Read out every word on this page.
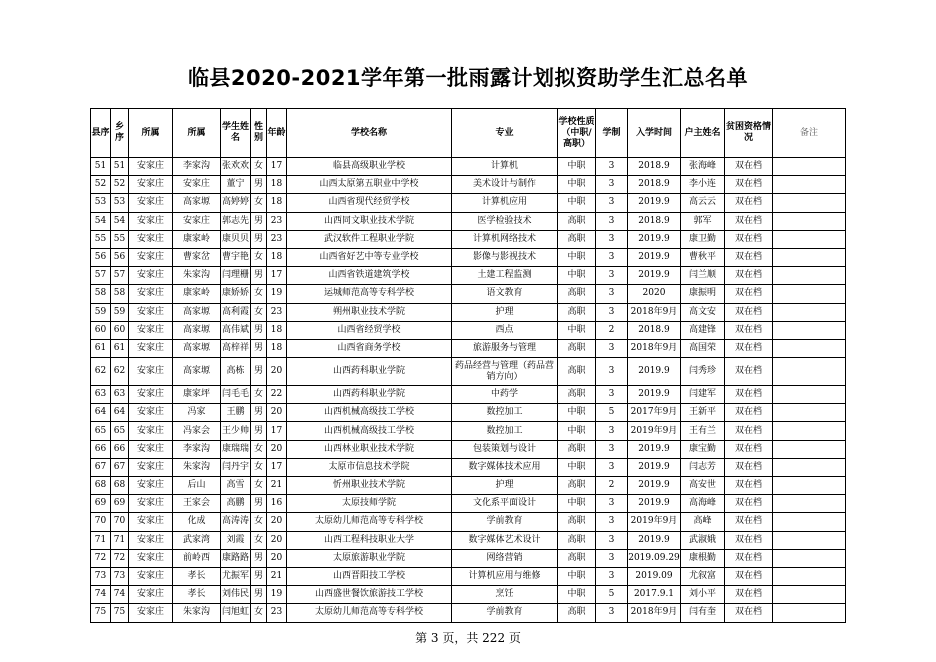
临县2020-2021学年第一批雨露计划拟资助学生汇总名单
县序	乡序	所属	所属	学生姓名	性别	年龄	学校名称	专业	学校性质（中职/高职）	学制	入学时间	户主姓名	贫困资格情况	备注
51	51	安家庄	李家沟	张欢欢	女	17	临县高级职业学校	计算机	中职	3	2018.9	张海峰	双在档	
52	52	安家庄	安家庄	董宁	男	18	山西太原第五职业中学校	美术设计与制作	中职	3	2018.9	李小连	双在档	
53	53	安家庄	高家塬	高婷婷	女	18	山西省现代经贸学校	计算机应用	中职	3	2019.9	高云云	双在档	
54	54	安家庄	安家庄	郭志先	男	23	山西同文职业技术学院	医学检验技术	高职	3	2018.9	郭军	双在档	
55	55	安家庄	康家岭	康贝贝	男	23	武汉软件工程职业学院	计算机网络技术	高职	3	2019.9	康卫勤	双在档	
56	56	安家庄	曹家岔	曹宇艳	女	18	山西省好艺中等专业学校	影像与影视技术	中职	3	2019.9	曹秋平	双在档	
57	57	安家庄	朱家沟	闫理栅	男	17	山西省铁道建筑学校	土建工程监测	中职	3	2019.9	闫兰顺	双在档	
58	58	安家庄	康家岭	康娇娇	女	19	运城师范高等专科学校	语文教育	高职	3	2020	康振明	双在档	
59	59	安家庄	高家塬	高利霞	女	23	朔州职业技术学院	护理	高职	3	2018年9月	高文安	双在档	
60	60	安家庄	高家塬	高伟斌	男	18	山西省经贸学校	西点	中职	2	2018.9	高建锋	双在档	
61	61	安家庄	高家塬	高梓祥	男	18	山西省商务学校	旅游服务与管理	高职	3	2018年9月	高国荣	双在档	
62	62	安家庄	高家塬	高栋	男	20	山西药科职业学院	药品经营与管理（药品营销方向）	高职	3	2019.9	闫秀珍	双在档	
63	63	安家庄	康家坪	闫毛毛	女	22	山西药科职业学院	中药学	高职	3	2019.9	闫建军	双在档	
64	64	安家庄	冯家	王鹏	男	20	山西机械高级技工学校	数控加工	中职	5	2017年9月	王新平	双在档	
65	65	安家庄	冯家会	王少帅	男	17	山西机械高级技工学校	数控加工	中职	3	2019年9月	王有兰	双在档	
66	66	安家庄	李家沟	康瑞瑞	女	20	山西林业职业技术学院	包装策划与设计	高职	3	2019.9	康宝勤	双在档	
67	67	安家庄	朱家沟	闫丹宇	女	17	太原市信息技术学院	数字媒体技术应用	中职	3	2019.9	闫志芳	双在档	
68	68	安家庄	后山	高雪	女	21	忻州职业技术学院	护理	高职	2	2019.9	高安世	双在档	
69	69	安家庄	王家会	高鹏	男	16	太原技师学院	文化系平面设计	中职	3	2019.9	高海峰	双在档	
70	70	安家庄	化成	高涛涛	女	20	太原幼儿师范高等专科学校	学前教育	高职	3	2019年9月	高峰	双在档	
71	71	安家庄	武家湾	刘霞	女	20	山西工程科技职业大学	数字媒体艺术设计	高职	3	2019.9	武淑娥	双在档	
72	72	安家庄	前岭西	康路路	男	20	太原旅游职业学院	网络营销	高职	3	2019.09.29	康根勤	双在档	
73	73	安家庄	孝长	尤振军	男	21	山西晋阳技工学校	计算机应用与维修	中职	3	2019.09	尤叙富	双在档	
74	74	安家庄	孝长	刘伟民	男	19	山西盛世餐饮旅游技工学校	烹饪	中职	5	2017.9.1	刘小平	双在档	
75	75	安家庄	朱家沟	闫旭虹	女	23	太原幼儿师范高等专科学校	学前教育	高职	3	2018年9月	闫有奎	双在档	
第 3 页，共 222 页
